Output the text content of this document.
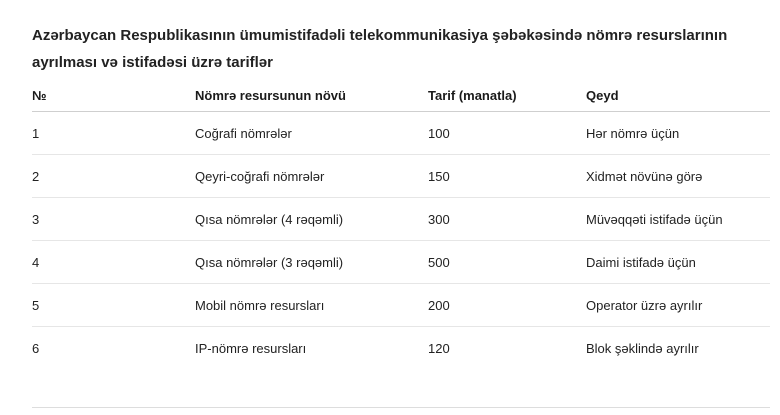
Azərbaycan Respublikasının ümumistifadəli telekommunikasiya şəbəkəsində nömrə resurslarının ayrılması və istifadəsi üzrə tariflər
№	Nömrə resursunun növü	Tarif (manatla)	Qeyd
1	Coğrafi nömrələr	100	Hər nömrə üçün
2	Qeyri-coğrafi nömrələr	150	Xidmət növünə görə
3	Qısa nömrələr (4 rəqəmli)	300	Müvəqqəti istifadə üçün
4	Qısa nömrələr (3 rəqəmli)	500	Daimi istifadə üçün
5	Mobil nömrə resursları	200	Operator üzrə ayrılır
6	IP-nömrə resursları	120	Blok şəklində ayrılır
